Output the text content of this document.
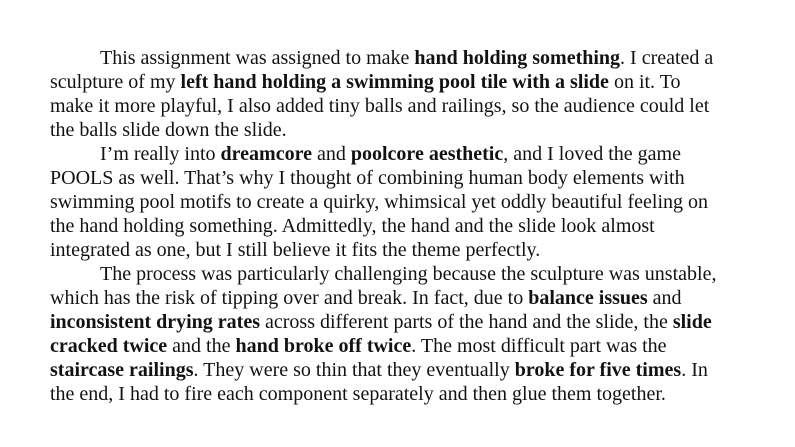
This assignment was assigned to make hand holding something. I created a
sculpture of my left hand holding a swimming pool tile with a slide on it. To
make it more playful, I also added tiny balls and railings, so the audience could let
the balls slide down the slide.
I’m really into dreamcore and poolcore aesthetic, and I loved the game
POOLS as well. That’s why I thought of combining human body elements with
swimming pool motifs to create a quirky, whimsical yet oddly beautiful feeling on
the hand holding something. Admittedly, the hand and the slide look almost
integrated as one, but I still believe it fits the theme perfectly.
The process was particularly challenging because the sculpture was unstable,
which has the risk of tipping over and break. In fact, due to balance issues and
inconsistent drying rates across different parts of the hand and the slide, the slide
cracked twice and the hand broke off twice. The most difficult part was the
staircase railings. They were so thin that they eventually broke for five times. In
the end, I had to fire each component separately and then glue them together.
